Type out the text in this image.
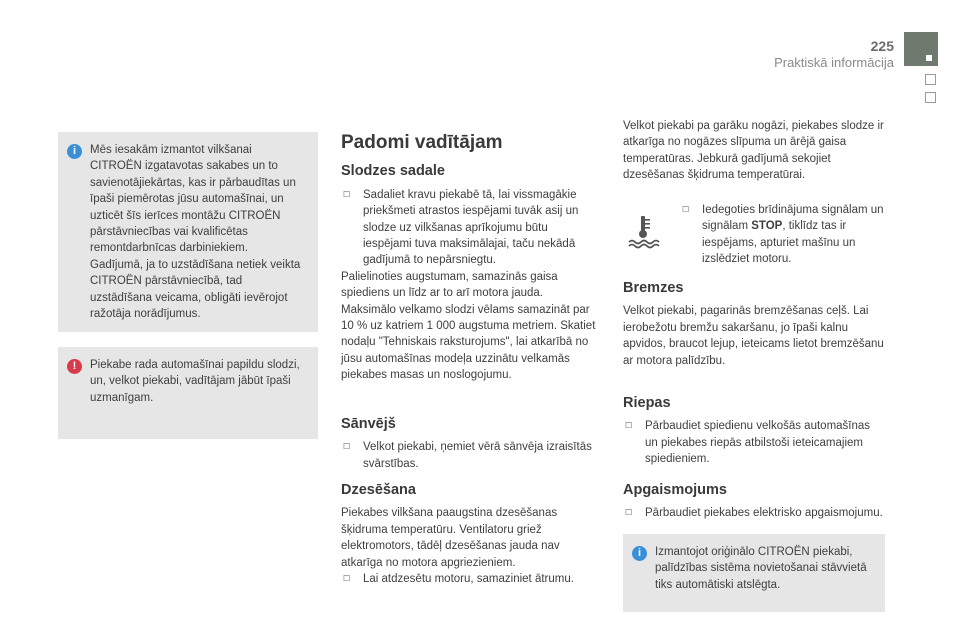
225
Praktiskā informācija
i	Mēs iesakām izmantot vilkšanai CITROËN izgatavotas sakabes un to savienotājiekārtas, kas ir pārbaudītas un īpaši piemērotas jūsu automašīnai, un uzticēt šīs ierīces montāžu CITROËN pārstāvniecības vai kvalificētas remontdarbnīcas darbiniekiem. Gadījumā, ja to uzstādīšana netiek veikta CITROËN pārstāvniecībā, tad uzstādīšana veicama, obligāti ievērojot ražotāja norādījumus.

!	Piekabe rada automašīnai papildu slodzi, un, velkot piekabi, vadītājam jābūt īpaši uzmanīgam.

Padomi vadītājam
Slodzes sadale

☐ Sadaliet kravu piekabē tā, lai vissmagākie priekšmeti atrastos iespējami tuvāk asij un slodze uz vilkšanas aprīkojumu būtu iespējami tuva maksimālajai, taču nekādā gadījumā to nepārsniegtu.

Palielinoties augstumam, samazinās gaisa spiediens un līdz ar to arī motora jauda. Maksimālo velkamo slodzi vēlams samazināt par 10 % uz katriem 1 000 augstuma metriem. Skatiet nodaļu "Tehniskais raksturojums", lai atkarībā no jūsu automašīnas modeļa uzzinātu velkamās piekabes masas un noslogojumu.

Sānvējš

☐ Velkot piekabi, ņemiet vērā sānvēja izraisītās svārstības.

Dzesēšana

Piekabes vilkšana paaugstina dzesēšanas šķidruma temperatūru. Ventilatoru griež elektromotors, tādēļ dzesēšanas jauda nav atkarīga no motora apgriezieniem.

☐ Lai atdzesētu motoru, samaziniet ātrumu.

Velkot piekabi pa garāku nogāzi, piekabes slodze ir atkarīga no nogāzes slīpuma un ārējā gaisa temperatūras. Jebkurā gadījumā sekojiet dzesēšanas šķidruma temperatūrai.

☐ Iedegoties brīdinājuma signālam un signālam STOP, tiklīdz tas ir iespējams, apturiet mašīnu un izslēdziet motoru.

Bremzes

Velkot piekabi, pagarinās bremzēšanas ceļš. Lai ierobežotu bremžu sakaršanu, jo īpaši kalnu apvidos, braucot lejup, ieteicams lietot bremzēšanu ar motora palīdzību.

Riepas

☐ Pārbaudiet spiedienu velkošās automašīnas un piekabes riepās atbilstoši ieteicamajiem spiedieniem.

Apgaismojums

☐ Pārbaudiet piekabes elektrisko apgaismojumu.

i	Izmantojot oriģinālo CITROËN piekabi, palīdzības sistēma novietošanai stāvvietā tiks automātiski atslēgta.
